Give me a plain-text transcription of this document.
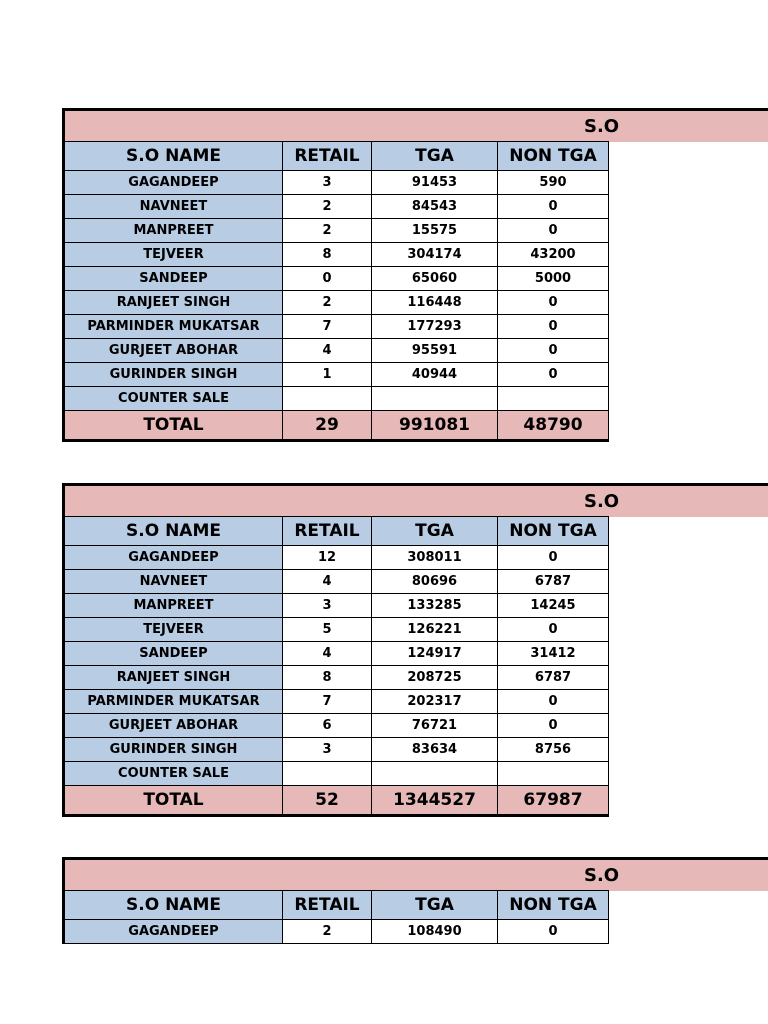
S.O
S.O NAME	RETAIL	TGA	NON TGA
GAGANDEEP	3	91453	590
NAVNEET	2	84543	0
MANPREET	2	15575	0
TEJVEER	8	304174	43200
SANDEEP	0	65060	5000
RANJEET SINGH	2	116448	0
PARMINDER MUKATSAR	7	177293	0
GURJEET ABOHAR	4	95591	0
GURINDER SINGH	1	40944	0
COUNTER SALE			
TOTAL	29	991081	48790
S.O
S.O NAME	RETAIL	TGA	NON TGA
GAGANDEEP	12	308011	0
NAVNEET	4	80696	6787
MANPREET	3	133285	14245
TEJVEER	5	126221	0
SANDEEP	4	124917	31412
RANJEET SINGH	8	208725	6787
PARMINDER MUKATSAR	7	202317	0
GURJEET ABOHAR	6	76721	0
GURINDER SINGH	3	83634	8756
COUNTER SALE			
TOTAL	52	1344527	67987
S.O
S.O NAME	RETAIL	TGA	NON TGA
GAGANDEEP	2	108490	0
